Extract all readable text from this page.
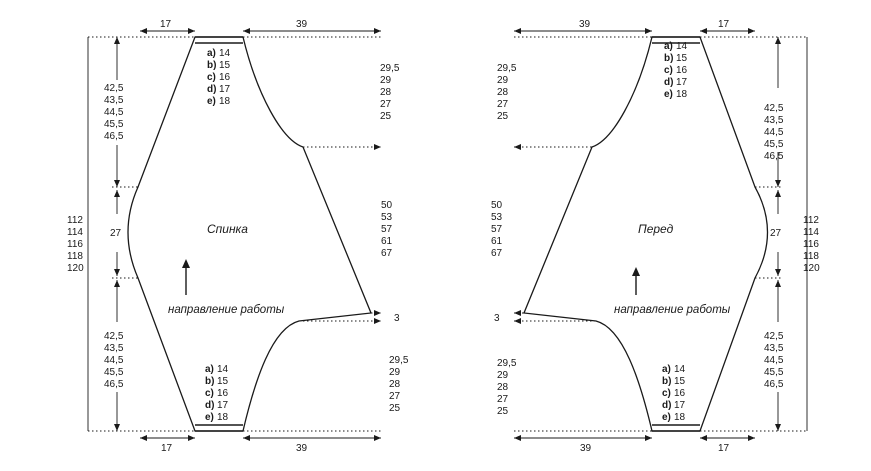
Спинка
направление работы
17	39
17	39
27
3
a) 14
b) 15
c) 16
d) 17
e) 18
a) 14
b) 15
c) 16
d) 17
e) 18
42,5
43,5
44,5
45,5
46,5
112
114
116
118
120
42,5
43,5
44,5
45,5
46,5
29,5
29
28
27
25
50
53
57
61
67
29,5
29
28
27
25
Перед
направление работы
39	17
39	17
27
3
a) 14
b) 15
c) 16
d) 17
e) 18
a) 14
b) 15
c) 16
d) 17
e) 18
29,5
29
28
27
25
50
53
57
61
67
29,5
29
28
27
25
42,5
43,5
44,5
45,5
46,5
112
114
116
118
120
42,5
43,5
44,5
45,5
46,5
